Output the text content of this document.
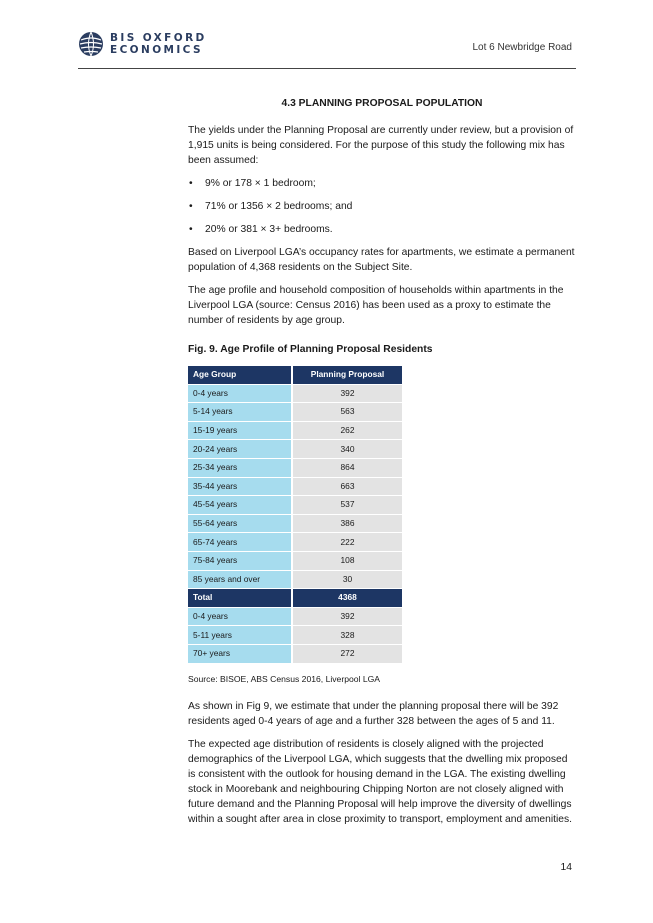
BIS OXFORD
ECONOMICS	Lot 6 Newbridge Road
4.3 PLANNING PROPOSAL POPULATION

The yields under the Planning Proposal are currently under review, but a provision of 1,915 units is being considered. For the purpose of this study the following mix has been assumed:

• 9% or 178 × 1 bedroom;
• 71% or 1356 × 2 bedrooms; and
• 20% or 381 × 3+ bedrooms.

Based on Liverpool LGA’s occupancy rates for apartments, we estimate a permanent population of 4,368 residents on the Subject Site.

The age profile and household composition of households within apartments in the Liverpool LGA (source: Census 2016) has been used as a proxy to estimate the number of residents by age group.

Fig. 9. Age Profile of Planning Proposal Residents
Age Group	Planning Proposal
0-4 years	392
5-14 years	563
15-19 years	262
20-24 years	340
25-34 years	864
35-44 years	663
45-54 years	537
55-64 years	386
65-74 years	222
75-84 years	108
85 years and over	30
Total	4368
0-4 years	392
5-11 years	328
70+ years	272
Source: BISOE, ABS Census 2016, Liverpool LGA

As shown in Fig 9, we estimate that under the planning proposal there will be 392 residents aged 0-4 years of age and a further 328 between the ages of 5 and 11.

The expected age distribution of residents is closely aligned with the projected demographics of the Liverpool LGA, which suggests that the dwelling mix proposed is consistent with the outlook for housing demand in the LGA. The existing dwelling stock in Moorebank and neighbouring Chipping Norton are not closely aligned with future demand and the Planning Proposal will help improve the diversity of dwellings within a sought after area in close proximity to transport, employment and amenities.

14
